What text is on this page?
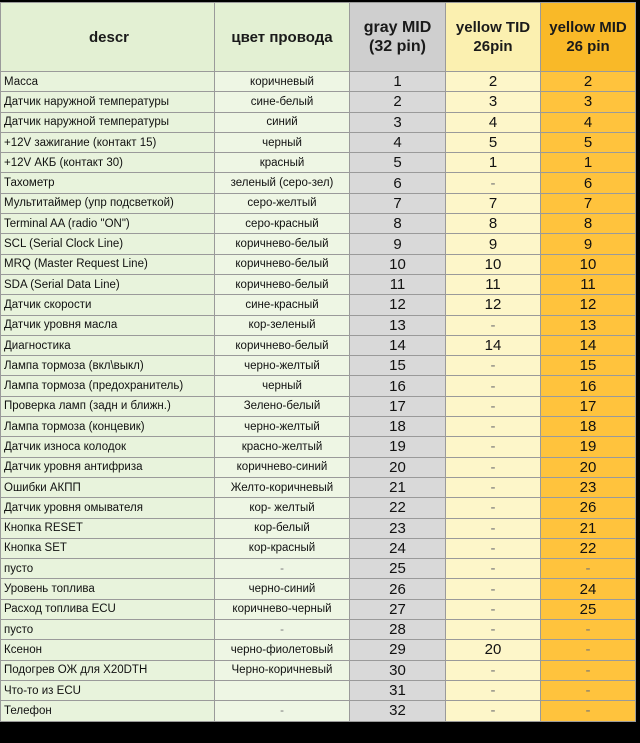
descr	цвет провода	gray MID (32 pin)	yellow TID 26pin	yellow MID 26 pin
Масса	коричневый	1	2	2
Датчик наружной температуры	сине-белый	2	3	3
Датчик наружной температуры	синий	3	4	4
+12V зажигание (контакт 15)	черный	4	5	5
+12V АКБ (контакт 30)	красный	5	1	1
Тахометр	зеленый (серо-зел)	6	-	6
Мультитаймер (упр подсветкой)	серо-желтый	7	7	7
Terminal AA (radio "ON")	серо-красный	8	8	8
SCL (Serial Clock Line)	коричнево-белый	9	9	9
MRQ (Master Request Line)	коричнево-белый	10	10	10
SDA (Serial Data Line)	коричнево-белый	11	11	11
Датчик скорости	сине-красный	12	12	12
Датчик уровня масла	кор-зеленый	13	-	13
Диагностика	коричнево-белый	14	14	14
Лампа тормоза (вкл\выкл)	черно-желтый	15	-	15
Лампа тормоза (предохранитель)	черный	16	-	16
Проверка ламп (задн и ближн.)	Зелено-белый	17	-	17
Лампа тормоза (концевик)	черно-желтый	18	-	18
Датчик износа колодок	красно-желтый	19	-	19
Датчик уровня антифриза	коричнево-синий	20	-	20
Ошибки АКПП	Желто-коричневый	21	-	23
Датчик уровня омывателя	кор- желтый	22	-	26
Кнопка RESET	кор-белый	23	-	21
Кнопка SET	кор-красный	24	-	22
пусто	-	25	-	-
Уровень топлива	черно-синий	26	-	24
Расход топлива ECU	коричнево-черный	27	-	25
пусто	-	28	-	-
Ксенон	черно-фиолетовый	29	20	-
Подогрев ОЖ для X20DTH	Черно-коричневый	30	-	-
Что-то из ECU		31	-	-
Телефон	-	32	-	-
